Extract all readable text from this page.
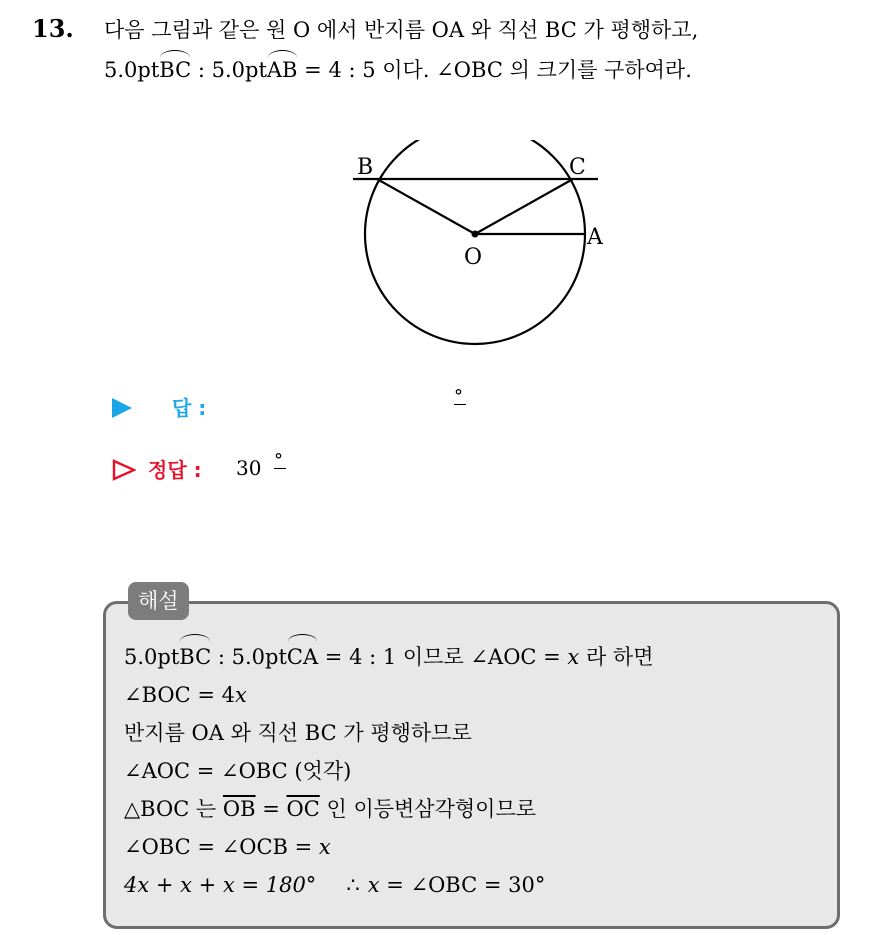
13. 다음 그림과 같은 원 O 에서 반지름 OA 와 직선 BC 가 평행하고,
5.0ptBC : 5.0ptAB = 4 : 5 이다. ∠OBC 의 크기를 구하여라.
B	C
O
A
답 :	°
정답 : 30 °
해설
5.0ptBC : 5.0ptCA = 4 : 1 이므로 ∠AOC = x 라 하면
∠BOC = 4x
반지름 OA 와 직선 BC 가 평행하므로
∠AOC = ∠OBC (엇각)
△BOC 는 $\overline{OB} = \overline{OC}$ 인 이등변삼각형이므로
∠OBC = ∠OCB = x
4x + x + x = 180° ∴ x = ∠OBC = 30°
